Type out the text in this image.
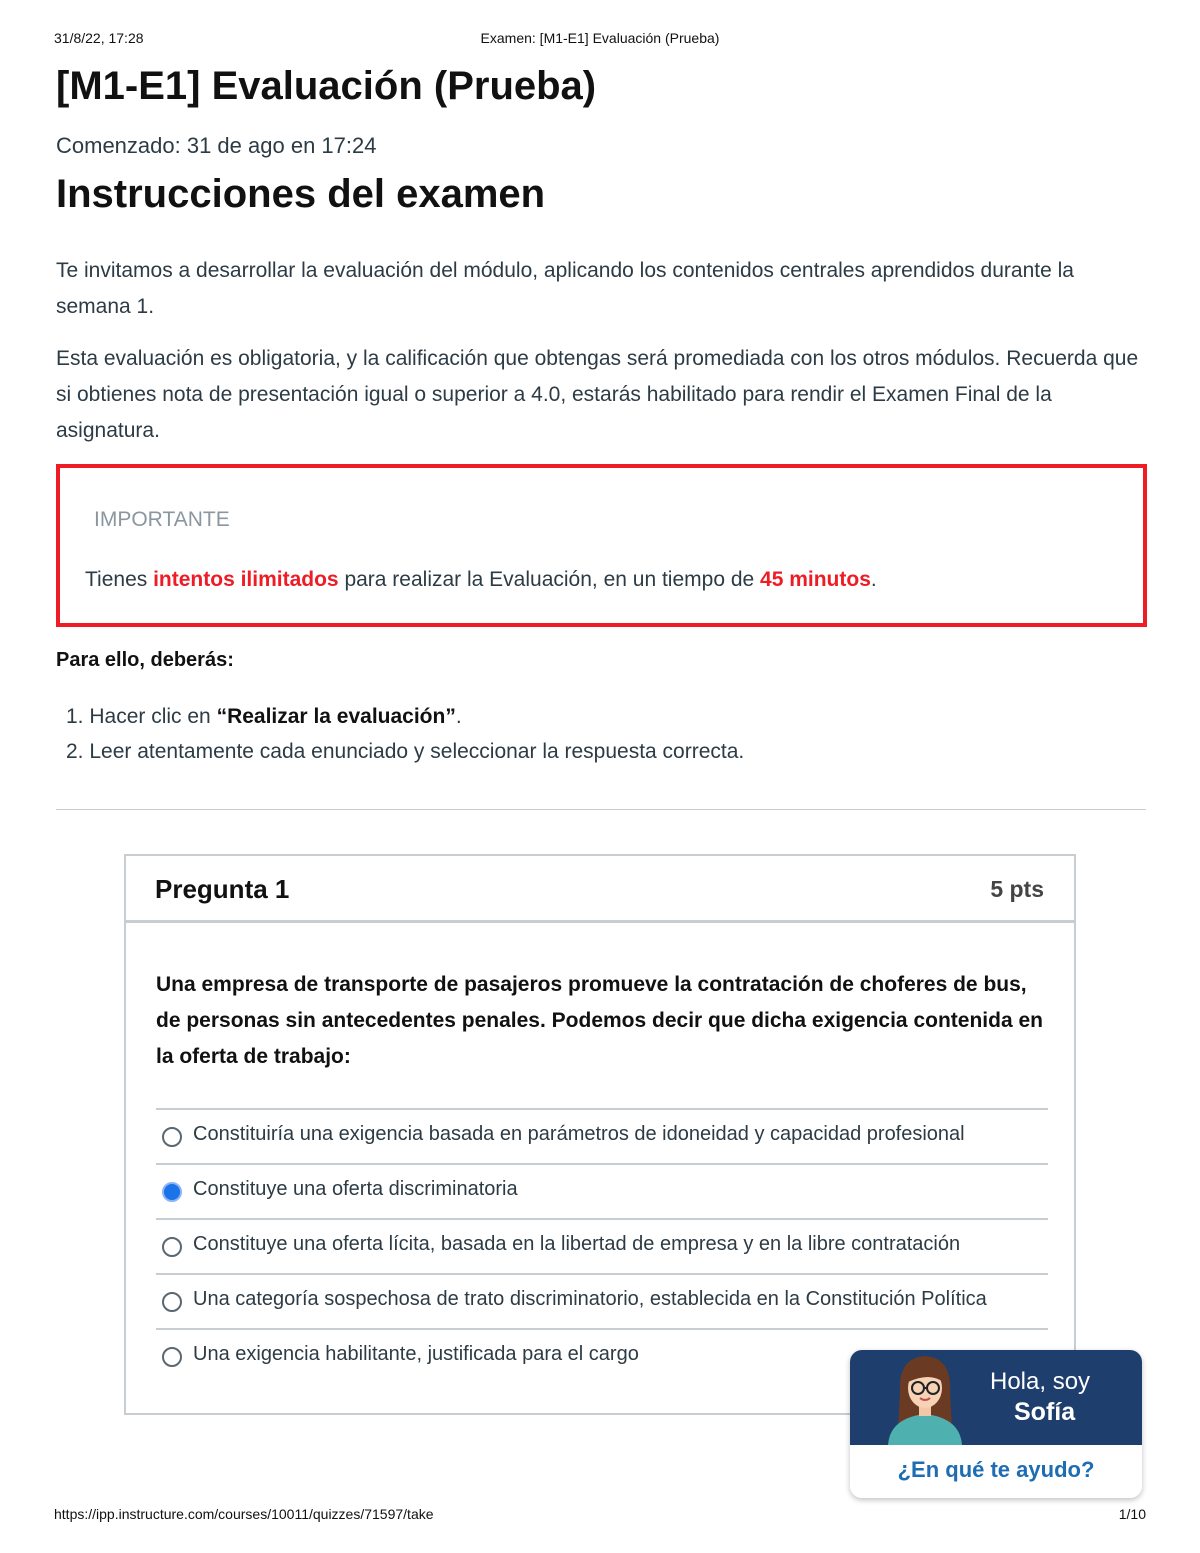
31/8/22, 17:28	Examen: [M1-E1] Evaluación (Prueba)
[M1-E1] Evaluación (Prueba)
Comenzado: 31 de ago en 17:24
Instrucciones del examen

Te invitamos a desarrollar la evaluación del módulo, aplicando los contenidos centrales aprendidos durante la semana 1.

Esta evaluación es obligatoria, y la calificación que obtengas será promediada con los otros módulos. Recuerda que si obtienes nota de presentación igual o superior a 4.0, estarás habilitado para rendir el Examen Final de la asignatura.

IMPORTANTE
Tienes intentos ilimitados para realizar la Evaluación, en un tiempo de 45 minutos.
Para ello, deberás:
1. Hacer clic en “Realizar la evaluación”.
2. Leer atentamente cada enunciado y seleccionar la respuesta correcta.
Pregunta 1	5 pts

Una empresa de transporte de pasajeros promueve la contratación de choferes de bus, de personas sin antecedentes penales. Podemos decir que dicha exigencia contenida en la oferta de trabajo:

Constituiría una exigencia basada en parámetros de idoneidad y capacidad profesional
Constituye una oferta discriminatoria
Constituye una oferta lícita, basada en la libertad de empresa y en la libre contratación
Una categoría sospechosa de trato discriminatorio, establecida en la Constitución Política
Una exigencia habilitante, justificada para el cargo
Hola, soy
Sofía
¿En qué te ayudo?
https://ipp.instructure.com/courses/10011/quizzes/71597/take	1/10
